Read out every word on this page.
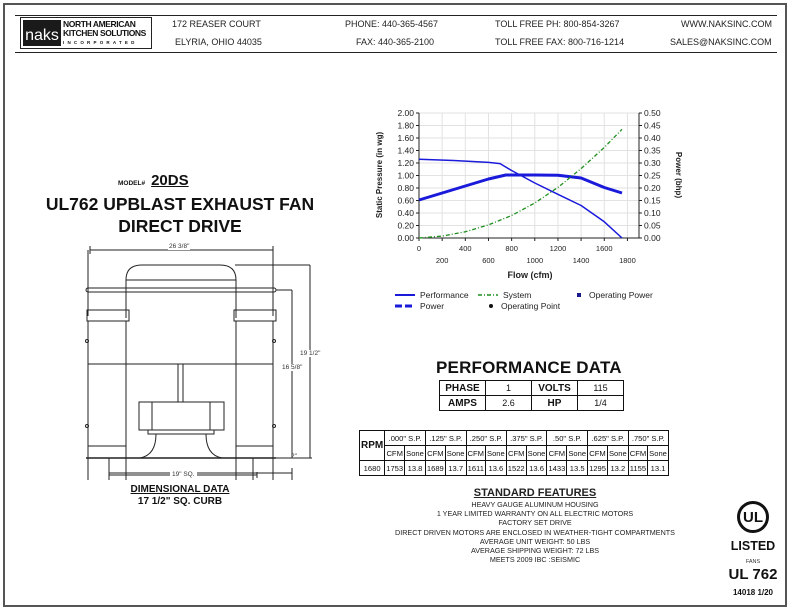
naks
NORTH AMERICAN
KITCHEN SOLUTIONS
INCORPORATED
172 REASER COURT
ELYRIA, OHIO 44035
PHONE: 440-365-4567
FAX: 440-365-2100
TOLL FREE PH: 800-854-3267
TOLL FREE FAX: 800-716-1214
WWW.NAKSINC.COM
SALES@NAKSINC.COM
MODEL# 20DS
UL762 UPBLAST EXHAUST FAN
DIRECT DRIVE
26 3/8"
19 1/2"
16 5/8"
2"
19" SQ.
DIMENSIONAL DATA
17 1/2" SQ. CURB
0.00
0.20
0.40
0.60
0.80
1.00
1.20
1.40
1.60
1.80
2.00
0.00
0.05
0.10
0.15
0.20
0.25
0.30
0.35
0.40
0.45
0.50
0	400	800	1200	1600
200	600	1000	1400	1800
Flow (cfm)
Static Pressure (in wg)	Power (bhp)
Performance
Power
System
Operating Point
Operating Power
PERFORMANCE DATA
PHASE	1	VOLTS	115
AMPS	2.6	HP	1/4
RPM	.000" S.P.		.125" S.P.		.250" S.P.		.375" S.P.		.50" S.P.		.625" S.P.		.750" S.P.	
	CFM	Sone	CFM	Sone	CFM	Sone	CFM	Sone	CFM	Sone	CFM	Sone	CFM	Sone
1680	1753	13.8	1689	13.7	1611	13.6	1522	13.6	1433	13.5	1295	13.2	1155	13.1
STANDARD FEATURES
HEAVY GAUGE ALUMINUM HOUSING
1 YEAR LIMITED WARRANTY ON ALL ELECTRIC MOTORS
FACTORY SET DRIVE
DIRECT DRIVEN MOTORS ARE ENCLOSED IN WEATHER-TIGHT COMPARTMENTS
AVERAGE UNIT WEIGHT: 50 LBS
AVERAGE SHIPPING WEIGHT: 72 LBS
MEETS 2009 IBC :SEISMIC
UL
LISTED
FANS
UL 762
14018 1/20
